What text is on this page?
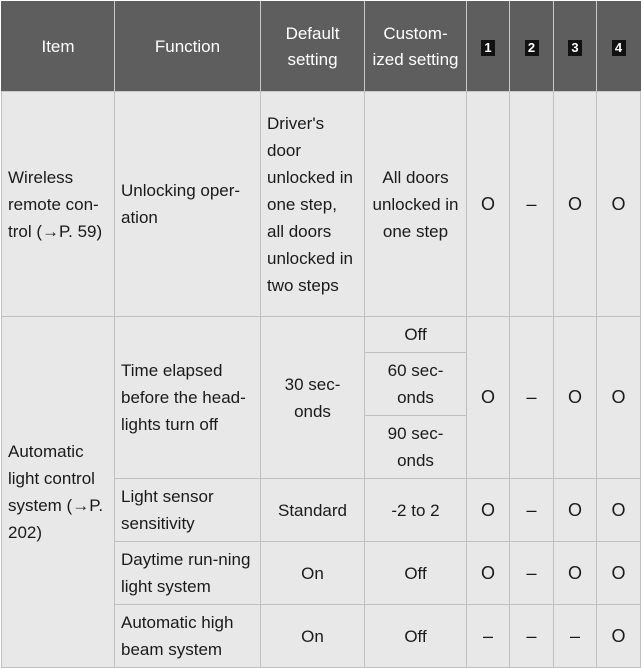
Item	Function	Default setting	Custom-ized setting	1	2	3	4
Wireless remote con-trol (→P. 59)	Unlocking oper-ation	Driver's door unlocked in one step, all doors unlocked in two steps	All doors unlocked in one step	O	–	O	O
Automatic light control system (→P. 202)	Time elapsed before the head-lights turn off	30 sec-onds	Off	O	–	O	O
			60 sec-onds				
			90 sec-onds				
	Light sensor sensitivity	Standard	-2 to 2	O	–	O	O
	Daytime run-ning light system	On	Off	O	–	O	O
	Automatic high beam system	On	Off	–	–	–	O
